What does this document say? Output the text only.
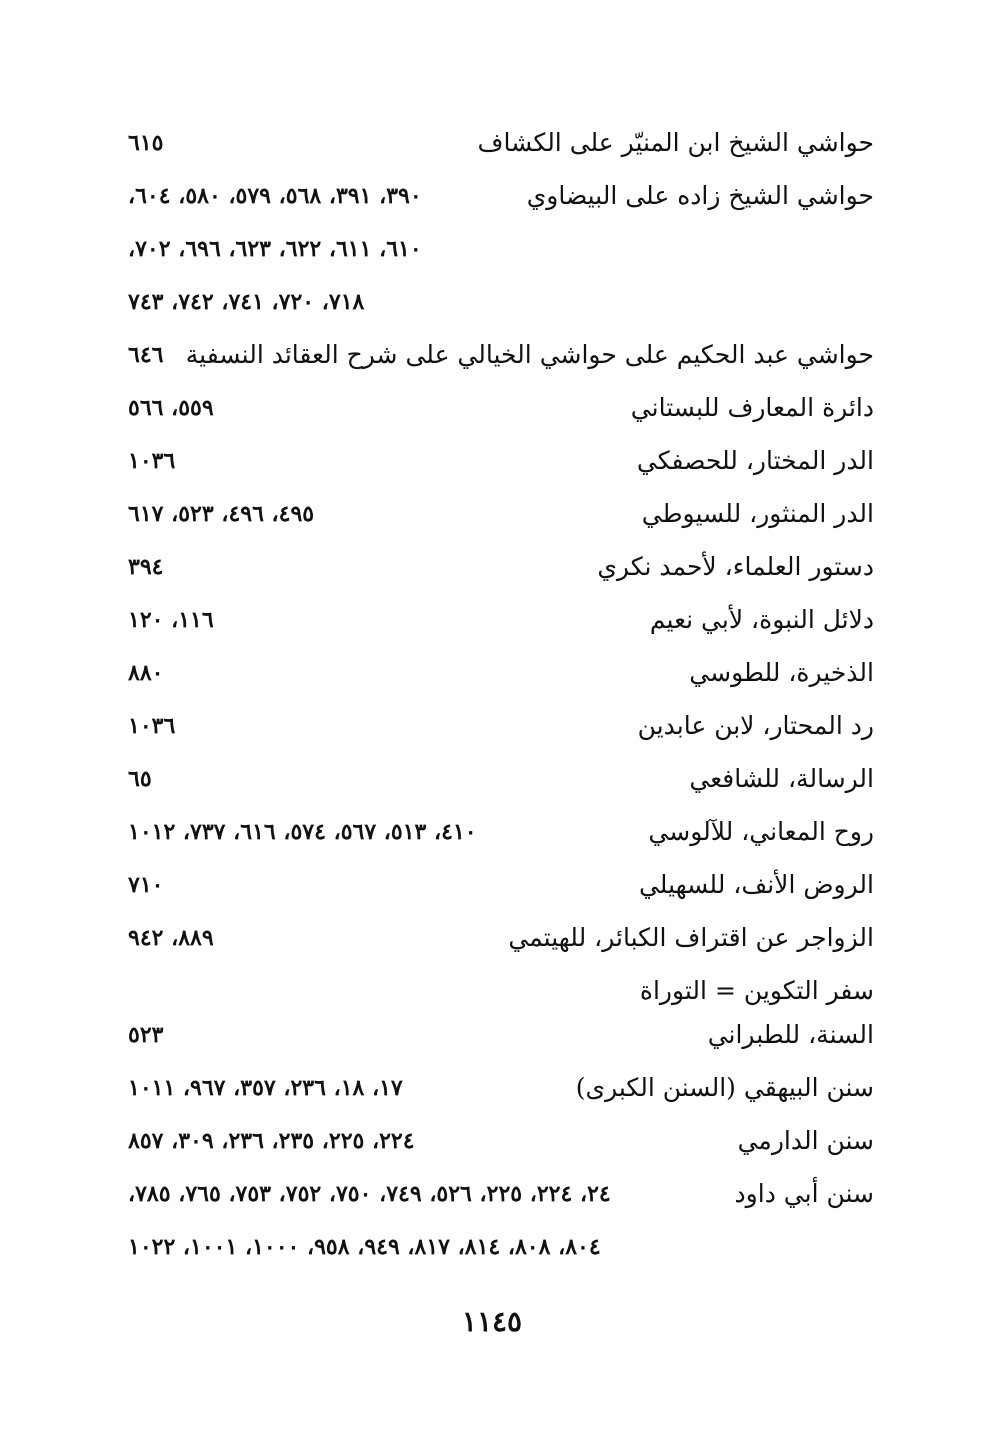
حواشي الشيخ ابن المنيّر على الكشاف
٦١٥
حواشي الشيخ زاده على البيضاوي
٣٩٠، ٣٩١، ٥٦٨، ٥٧٩، ٥٨٠، ٦٠٤،
٦١٠، ٦١١، ٦٢٢، ٦٢٣، ٦٩٦، ٧٠٢،
٧١٨، ٧٢٠، ٧٤١، ٧٤٢، ٧٤٣
حواشي عبد الحكيم على حواشي الخيالي على شرح العقائد النسفية
٦٤٦
دائرة المعارف للبستاني
٥٥٩، ٥٦٦
الدر المختار، للحصفكي
١٠٣٦
الدر المنثور، للسيوطي
٤٩٥، ٤٩٦، ٥٢٣، ٦١٧
دستور العلماء، لأحمد نكري
٣٩٤
دلائل النبوة، لأبي نعيم
١١٦، ١٢٠
الذخيرة، للطوسي
٨٨٠
رد المحتار، لابن عابدين
١٠٣٦
الرسالة، للشافعي
٦٥
روح المعاني، للآلوسي
٤١٠، ٥١٣، ٥٦٧، ٥٧٤، ٦١٦، ٧٣٧، ١٠١٢
الروض الأنف، للسهيلي
٧١٠
الزواجر عن اقتراف الكبائر، للهيتمي
٨٨٩، ٩٤٢
سفر التكوين = التوراة
السنة، للطبراني
٥٢٣
سنن البيهقي (السنن الكبرى)
١٧، ١٨، ٢٣٦، ٣٥٧، ٩٦٧، ١٠١١
سنن الدارمي
٢٢٤، ٢٢٥، ٢٣٥، ٢٣٦، ٣٠٩، ٨٥٧
سنن أبي داود
٢٤، ٢٢٤، ٢٢٥، ٥٢٦، ٧٤٩، ٧٥٠، ٧٥٢، ٧٥٣، ٧٦٥، ٧٨٥،
٨٠٤، ٨٠٨، ٨١٤، ٨١٧، ٩٤٩، ٩٥٨، ١٠٠٠، ١٠٠١، ١٠٢٢
١١٤٥
